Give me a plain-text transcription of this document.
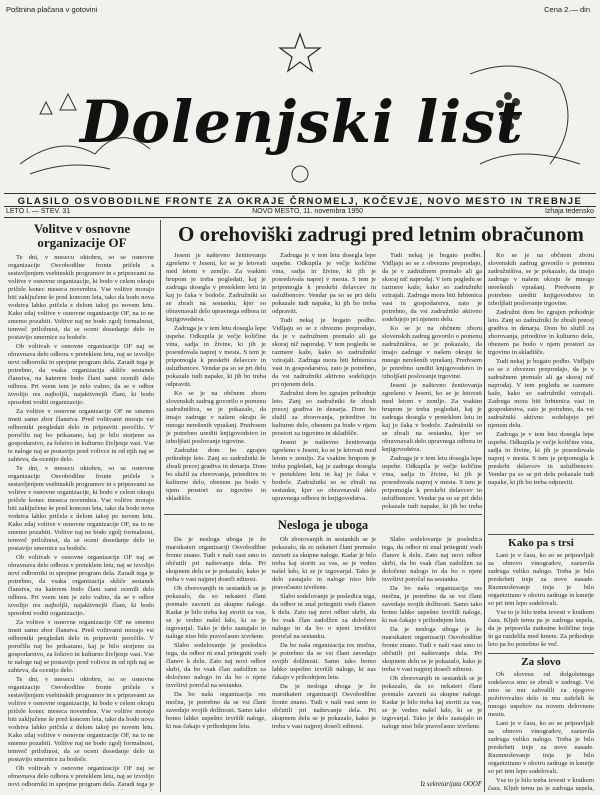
Poštnina plačana v gotovini	Cena 2.— din
Dolenjski list
GLASILO OSVOBODILNE FRONTE ZA OKRAJE ČRNOMELJ, KOČEVJE, NOVO MESTO IN TREBNJE
LETO I. — ŠTEV. 31	NOVO MESTO, 11. novembra 1950	Izhaja tedensko
Volitve v osnovne organizacije OF

Te dni, v mesecu oktobru, so se osnovne organizacije Osvobodilne fronte pričele s sestavljenjem vsebinskih programov in s pripravami za volitve v osnovne organizacije, ki bodo v celem okraju pričele konec meseca novembra. Vse volitve morajo biti zaključene še pred koncem leta, tako da bodo nova vodstva lahko pričela z delom takoj po novem letu. Kako zdaj volitve v osnovne organizacije OF, na to ne smemo pozabiti. Volitve naj ne bodo zgolj formalnost, temveč priložnost, da se oceni dosedanje delo in postavijo smernice za bodoče.

Ob volitvah v osnovne organizacije OF naj se obravnava delo odbora v preteklem letu, naj se izvolijo novi odborniki in sprejme program dela. Zaradi tega je potrebno, da vsaka organizacija skliče sestanek članstva, na katerem bodo člani sami ocenili delo odbora. Pri vsem tem je zelo važno, da se v odbor izvolijo res najboljši, najaktivnejši člani, ki bodo sposobni voditi organizacijo.

Za volitve v osnovne organizacije OF ne smemo imeti samo zbor članstva. Pred volitvami morajo vsi odborniki pregledati delo in pripraviti poročilo. V poročilu naj bo prikazano, kaj je bilo storjeno za gospodarstvo, za šolstvo in kulturno življenje vasi. Vse te naloge naj se postavijo pred volivce in od njih naj se zahteva, da ocenijo delo.

Te dni, v mesecu oktobru, so se osnovne organizacije Osvobodilne fronte pričele s sestavljenjem vsebinskih programov in s pripravami za volitve v osnovne organizacije, ki bodo v celem okraju pričele konec meseca novembra. Vse volitve morajo biti zaključene še pred koncem leta, tako da bodo nova vodstva lahko pričela z delom takoj po novem letu. Kako zdaj volitve v osnovne organizacije OF, na to ne smemo pozabiti. Volitve naj ne bodo zgolj formalnost, temveč priložnost, da se oceni dosedanje delo in postavijo smernice za bodoče.

Ob volitvah v osnovne organizacije OF naj se obravnava delo odbora v preteklem letu, naj se izvolijo novi odborniki in sprejme program dela. Zaradi tega je potrebno, da vsaka organizacija skliče sestanek članstva, na katerem bodo člani sami ocenili delo odbora. Pri vsem tem je zelo važno, da se v odbor izvolijo res najboljši, najaktivnejši člani, ki bodo sposobni voditi organizacijo.

Za volitve v osnovne organizacije OF ne smemo imeti samo zbor članstva. Pred volitvami morajo vsi odborniki pregledati delo in pripraviti poročilo. V poročilu naj bo prikazano, kaj je bilo storjeno za gospodarstvo, za šolstvo in kulturno življenje vasi. Vse te naloge naj se postavijo pred volivce in od njih naj se zahteva, da ocenijo delo.

Te dni, v mesecu oktobru, so se osnovne organizacije Osvobodilne fronte pričele s sestavljenjem vsebinskih programov in s pripravami za volitve v osnovne organizacije, ki bodo v celem okraju pričele konec meseca novembra. Vse volitve morajo biti zaključene še pred koncem leta, tako da bodo nova vodstva lahko pričela z delom takoj po novem letu. Kako zdaj volitve v osnovne organizacije OF, na to ne smemo pozabiti. Volitve naj ne bodo zgolj formalnost, temveč priložnost, da se oceni dosedanje delo in postavijo smernice za bodoče.

Ob volitvah v osnovne organizacije OF naj se obravnava delo odbora v preteklem letu, naj se izvolijo novi odborniki in sprejme program dela. Zaradi tega je

O orehoviški zadrugi pred letnim obračunom

Jeseni je naštevno ženitovanja zgrešeno v Jeseni, ko se je letovati med letom v zemljo. Za vsakim hrupom je treba pogledati, kaj je zadruga dosegla v preteklem letu in kaj jo čaka v bodoče. Zadružniki so se zbrali na sestanku, kjer so obravnavali delo upravnega odbora in knjigovodstva.

Zadruga je v tem letu dosegla lepe uspehe. Odkupila je večje količine vina, sadja in živine, ki jih je posredovala naprej v mesta. S tem je pripomogla k preskrbi delavcev in uslužbencev. Vendar pa so se pri delu pokazale tudi napake, ki jih bo treba odpraviti.

Ko se je na občnem zboru slovenskih zadrug govorilo o pomenu zadružništva, se je pokazalo, da imajo zadruge v našem okraju še mnogo nerešenih vprašanj. Predvsem je potrebno urediti knjigovodstvo in izboljšati poslovanje trgovine.

Zadružni dom bo zgrajen prihodnje leto. Zanj so zadružniki že zbrali precej gradiva in denarja. Dom bo služil za zborovanja, prireditve in kulturno delo, obenem pa bodo v njem prostori za trgovino in skladišče.

Zadruga je v tem letu dosegla lepe uspehe. Odkupila je večje količine vina, sadja in živine, ki jih je posredovala naprej v mesta. S tem je pripomogla k preskrbi delavcev in uslužbencev. Vendar pa so se pri delu pokazale tudi napake, ki jih bo treba odpraviti.

Tudi nekaj je bogato podbo. Vidljaju so se z obvezno preprodajo, da je v zadružnem premalo ali ga skoraj nič naprodaj. V tem pogledu se razmere kaže, kako so zadružniki vztrajali. Zadruga mora biti hrbtenica vasi in gospodarstva, zato je potrebno, da vsi zadružniki aktivno sodelujejo pri njenem delu.

Zadružni dom bo zgrajen prihodnje leto. Zanj so zadružniki že zbrali precej gradiva in denarja. Dom bo služil za zborovanja, prireditve in kulturno delo, obenem pa bodo v njem prostori za trgovino in skladišče.

Jeseni je naštevno ženitovanja zgrešeno v Jeseni, ko se je letovati med letom v zemljo. Za vsakim hrupom je treba pogledati, kaj je zadruga dosegla v preteklem letu in kaj jo čaka v bodoče. Zadružniki so se zbrali na sestanku, kjer so obravnavali delo upravnega odbora in knjigovodstva.

Tudi nekaj je bogato podbo. Vidljaju so se z obvezno preprodajo, da je v zadružnem premalo ali ga skoraj nič naprodaj. V tem pogledu se razmere kaže, kako so zadružniki vztrajali. Zadruga mora biti hrbtenica vasi in gospodarstva, zato je potrebno, da vsi zadružniki aktivno sodelujejo pri njenem delu.

Ko se je na občnem zboru slovenskih zadrug govorilo o pomenu zadružništva, se je pokazalo, da imajo zadruge v našem okraju še mnogo nerešenih vprašanj. Predvsem je potrebno urediti knjigovodstvo in izboljšati poslovanje trgovine.

Jeseni je naštevno ženitovanja zgrešeno v Jeseni, ko se je letovati med letom v zemljo. Za vsakim hrupom je treba pogledati, kaj je zadruga dosegla v preteklem letu in kaj jo čaka v bodoče. Zadružniki so se zbrali na sestanku, kjer so obravnavali delo upravnega odbora in knjigovodstva.

Zadruga je v tem letu dosegla lepe uspehe. Odkupila je večje količine vina, sadja in živine, ki jih je posredovala naprej v mesta. S tem je pripomogla k preskrbi delavcev in uslužbencev. Vendar pa so se pri delu pokazale tudi napake, ki jih bo treba

Ko se je na občnem zboru slovenskih zadrug govorilo o pomenu zadružništva, se je pokazalo, da imajo zadruge v našem okraju še mnogo nerešenih vprašanj. Predvsem je potrebno urediti knjigovodstvo in izboljšati poslovanje trgovine.

Zadružni dom bo zgrajen prihodnje leto. Zanj so zadružniki že zbrali precej gradiva in denarja. Dom bo služil za zborovanja, prireditve in kulturno delo, obenem pa bodo v njem prostori za trgovino in skladišče.

Tudi nekaj je bogato podbo. Vidljaju so se z obvezno preprodajo, da je v zadružnem premalo ali ga skoraj nič naprodaj. V tem pogledu se razmere kaže, kako so zadružniki vztrajali. Zadruga mora biti hrbtenica vasi in gospodarstva, zato je potrebno, da vsi zadružniki aktivno sodelujejo pri njenem delu.

Zadruga je v tem letu dosegla lepe uspehe. Odkupila je večje količine vina, sadja in živine, ki jih je posredovala naprej v mesta. S tem je pripomogla k preskrbi delavcev in uslužbencev. Vendar pa so se pri delu pokazale tudi napake, ki jih bo treba odpraviti.

Nesloga je uboga

Da je nesloga uboga je že marsikateri organizaciji Osvobodilne fronte znano. Tudi v naši vasi smo to občutili pri naštevanju dela. Pri skupnem delu se je pokazalo, kako je treba v vasi najprej doseči edinost.

Ob zborovanjih in sestankih se je pokazalo, da so nekateri člani premalo zavzeti za skupne naloge. Kadar je bilo treba kaj storiti za vas, se je vedno našel kdo, ki se je izgovarjal. Tako je delo zastajalo in naloge niso bile pravočasno izvršene.

Slabo sodelovanje je posledica tega, da odbor ni znal pritegniti vseh članov k delu. Zato naj novi odbor skrbi, da bo vsak član zadolžen za določeno nalogo in da bo o njeni izvršitvi poročal na sestanku.

Da bo naša organizacija res močna, je potrebno da se vsi člani zavedajo svojih dolžnosti. Samo tako bomo lahko uspešno izvršili naloge, ki nas čakajo v prihodnjem letu.

Ob zborovanjih in sestankih se je pokazalo, da so nekateri člani premalo zavzeti za skupne naloge. Kadar je bilo treba kaj storiti za vas, se je vedno našel kdo, ki se je izgovarjal. Tako je delo zastajalo in naloge niso bile pravočasno izvršene.

Slabo sodelovanje je posledica tega, da odbor ni znal pritegniti vseh članov k delu. Zato naj novi odbor skrbi, da bo vsak član zadolžen za določeno nalogo in da bo o njeni izvršitvi poročal na sestanku.

Da bo naša organizacija res močna, je potrebno da se vsi člani zavedajo svojih dolžnosti. Samo tako bomo lahko uspešno izvršili naloge, ki nas čakajo v prihodnjem letu.

Da je nesloga uboga je že marsikateri organizaciji Osvobodilne fronte znano. Tudi v naši vasi smo to občutili pri naštevanju dela. Pri skupnem delu se je pokazalo, kako je treba v vasi najprej doseči edinost.

Slabo sodelovanje je posledica tega, da odbor ni znal pritegniti vseh članov k delu. Zato naj novi odbor skrbi, da bo vsak član zadolžen za določeno nalogo in da bo o njeni izvršitvi poročal na sestanku.

Da bo naša organizacija res močna, je potrebno da se vsi člani zavedajo svojih dolžnosti. Samo tako bomo lahko uspešno izvršili naloge, ki nas čakajo v prihodnjem letu.

Da je nesloga uboga je že marsikateri organizaciji Osvobodilne fronte znano. Tudi v naši vasi smo to občutili pri naštevanju dela. Pri skupnem delu se je pokazalo, kako je treba v vasi najprej doseči edinost.

Ob zborovanjih in sestankih se je pokazalo, da so nekateri člani premalo zavzeti za skupne naloge. Kadar je bilo treba kaj storiti za vas, se je vedno našel kdo, ki se je izgovarjal. Tako je delo zastajalo in naloge niso bile pravočasno izvršene.

Iz sekretarijata OOOF
Kako pa s trsi

Lani je v času, ko so se pripravljali za obnovo vinogradov, zastavila zadruga veliko nalogo. Treba je bilo preskrbeti trsje za nove nasade. Razmnoževanje trsja je bilo organizirano v okviru zadruge in kmetje so pri tem lepo sodelovali.

Vse to je bilo treba izvesti v kratkem času. Kljub temu pa je zadruga uspela, da je pripravila zadostne količine trsja in ga razdelila med kmete. Za prihodnje leto pa bo potrebno še več.

Za slovo

Ob slovesu od dolgoletnega sodelavca smo se zbrali v zadrugi. Vsi smo se mu zahvalili za njegovo požrtvovalno delo in mu zaželeli še mnogo uspehov na novem delovnem mestu.

Lani je v času, ko so se pripravljali za obnovo vinogradov, zastavila zadruga veliko nalogo. Treba je bilo preskrbeti trsje za nove nasade. Razmnoževanje trsja je bilo organizirano v okviru zadruge in kmetje so pri tem lepo sodelovali.

Vse to je bilo treba izvesti v kratkem času. Kljub temu pa je zadruga uspela,
